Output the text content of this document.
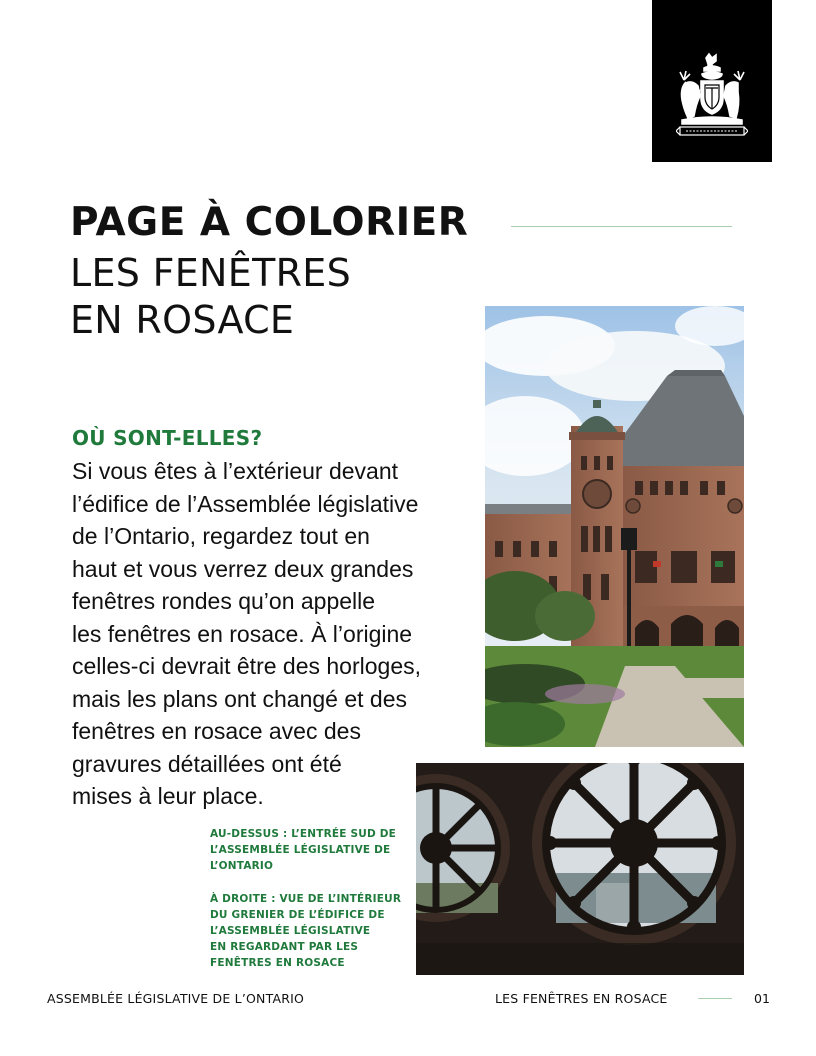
PAGE À COLORIER
LES FENÊTRES
EN ROSACE
OÙ SONT-ELLES?
Si vous êtes à l’extérieur devant
l’édifice de l’Assemblée législative
de l’Ontario, regardez tout en
haut et vous verrez deux grandes
fenêtres rondes qu’on appelle
les fenêtres en rosace. À l’origine
celles-ci devrait être des horloges,
mais les plans ont changé et des
fenêtres en rosace avec des
gravures détaillées ont été
mises à leur place.
AU-DESSUS : L’ENTRÉE SUD DE
L’ASSEMBLÉE LÉGISLATIVE DE
L’ONTARIO
À DROITE : VUE DE L’INTÉRIEUR
DU GRENIER DE L’ÉDIFICE DE
L’ASSEMBLÉE LÉGISLATIVE
EN REGARDANT PAR LES
FENÊTRES EN ROSACE
ASSEMBLÉE LÉGISLATIVE DE L’ONTARIO	LES FENÊTRES EN ROSACE	01
